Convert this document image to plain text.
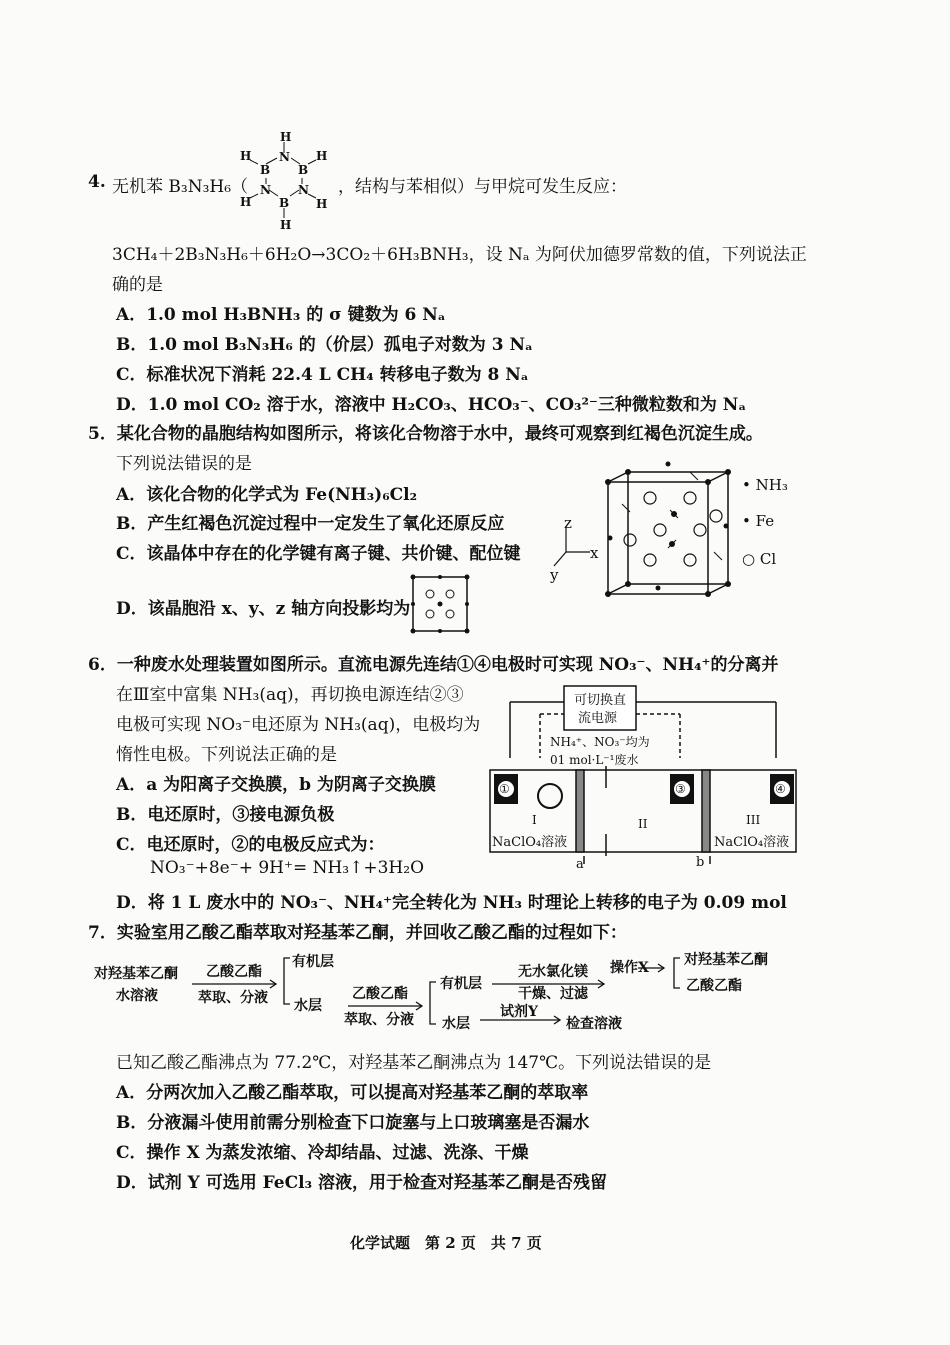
4. 无机苯 B₃N₃H₆（
H
N
B B
N N
B
H
H	H
H	H
，结构与苯相似）与甲烷可发生反应：
3CH₄＋2B₃N₃H₆＋6H₂O→3CO₂＋6H₃BNH₃，设 Nₐ 为阿伏加德罗常数的值，下列说法正
确的是
A．1.0 mol H₃BNH₃ 的 σ 键数为 6 Nₐ
B．1.0 mol B₃N₃H₆ 的（价层）孤电子对数为 3 Nₐ
C．标准状况下消耗 22.4 L CH₄ 转移电子数为 8 Nₐ
D．1.0 mol CO₂ 溶于水，溶液中 H₂CO₃、HCO₃⁻、CO₃²⁻三种微粒数和为 Nₐ
5．某化合物的晶胞结构如图所示，将该化合物溶于水中，最终可观察到红褐色沉淀生成。
下列说法错误的是
A．该化合物的化学式为 Fe(NH₃)₆Cl₂
B．产生红褐色沉淀过程中一定发生了氧化还原反应
C．该晶体中存在的化学键有离子键、共价键、配位键
D．该晶胞沿 x、y、z 轴方向投影均为
z
x
y
• NH₃
• Fe
○ Cl
6．一种废水处理装置如图所示。直流电源先连结①④电极时可实现 NO₃⁻、NH₄⁺的分离并
在Ⅲ室中富集 NH₃(aq)，再切换电源连结②③
电极可实现 NO₃⁻电还原为 NH₃(aq)，电极均为
惰性电极。下列说法正确的是
A．a 为阳离子交换膜，b 为阴离子交换膜
B．电还原时，③接电源负极
C．电还原时，②的电极反应式为：
NO₃⁻+8e⁻+ 9H⁺= NH₃↑+3H₂O
D．将 1 L 废水中的 NO₃⁻、NH₄⁺完全转化为 NH₃ 时理论上转移的电子为 0.09 mol
可切换直
流电源
NH₄⁺、NO₃⁻均为
01 mol·L⁻¹废水
①	③	④
I	II	III
NaClO₄溶液	NaClO₄溶液
a	b
7．实验室用乙酸乙酯萃取对羟基苯乙酮，并回收乙酸乙酯的过程如下：
对羟基苯乙酮
水溶液
乙酸乙酯
萃取、分液
有机层
水层
乙酸乙酯
萃取、分液
有机层
水层
无水氯化镁
干燥、过滤
操作X	对羟基苯乙酮
乙酸乙酯
试剂Y
检查溶液
已知乙酸乙酯沸点为 77.2℃，对羟基苯乙酮沸点为 147℃。下列说法错误的是
A．分两次加入乙酸乙酯萃取，可以提高对羟基苯乙酮的萃取率
B．分液漏斗使用前需分别检查下口旋塞与上口玻璃塞是否漏水
C．操作 X 为蒸发浓缩、冷却结晶、过滤、洗涤、干燥
D．试剂 Y 可选用 FeCl₃ 溶液，用于检查对羟基苯乙酮是否残留
化学试题　第 2 页　共 7 页
